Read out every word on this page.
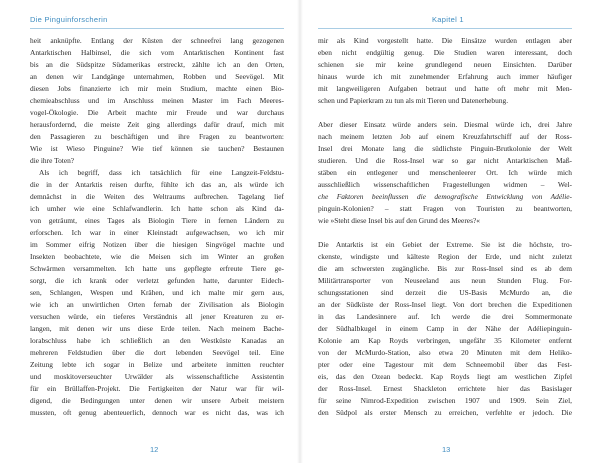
Die Pinguinforscherin
heit anknüpfte. Entlang der Küsten der schneefrei lang gezogenen
Antarktischen Halbinsel, die sich vom Antarktischen Kontinent fast
bis an die Südspitze Südamerikas erstreckt, zählte ich an den Orten,
an denen wir Landgänge unternahmen, Robben und Seevögel. Mit
diesen Jobs finanzierte ich mir mein Studium, machte einen Bio-
chemieabschluss und im Anschluss meinen Master im Fach Meeres-
vogel-Ökologie. Die Arbeit machte mir Freude und war durchaus
herausfordernd, die meiste Zeit ging allerdings dafür drauf, mich mit
den Passagieren zu beschäftigen und ihre Fragen zu beantworten:
Wie ist Wieso Pinguine? Wie tief können sie tauchen? Bestaunen
die ihre Toten?
Als ich begriff, dass ich tatsächlich für eine Langzeit-Feldstu-
die in der Antarktis reisen durfte, fühlte ich das an, als würde ich
demnächst in die Weiten des Weltraums aufbrechen. Tagelang lief
ich umher wie eine Schlafwandlerin. Ich hatte schon als Kind da-
von geträumt, eines Tages als Biologin Tiere in fernen Ländern zu
erforschen. Ich war in einer Kleinstadt aufgewachsen, wo ich mir
im Sommer eifrig Notizen über die hiesigen Singvögel machte und
Insekten beobachtete, wie die Meisen sich im Winter an großen
Schwärmen versammelten. Ich hatte uns gepflegte erfreute Tiere ge-
sorgt, die ich krank oder verletzt gefunden hatte, darunter Eidech-
sen, Schlangen, Wespen und Krähen, und ich malte mir gern aus,
wie ich an unwirtlichen Orten fernab der Zivilisation als Biologin
versuchen würde, ein tieferes Verständnis all jener Kreaturen zu er-
langen, mit denen wir uns diese Erde teilen. Nach meinem Bache-
lorabschluss habe ich schließlich an den Westküste Kanadas an
mehreren Feldstudien über die dort lebenden Seevögel teil. Eine
Zeitung lebte ich sogar in Belize und arbeitete inmitten reuchter
und moskitoverseuchter Urwälder als wissenschaftliche Assistentin
für ein Brüllaffen-Projekt. Die Fertigkeiten der Natur war für wil-
digend, die Bedingungen unter denen wir unsere Arbeit meistern
mussten, oft genug abenteuerlich, dennoch war es nicht das, was ich
12
Kapitel 1
mir als Kind vorgestellt hatte. Die Einsätze wurden entlagen aber
eben nicht endgültig genug. Die Studien waren interessant, doch
schienen sie mir keine grundlegend neuen Einsichten. Darüber
hinaus wurde ich mit zunehmender Erfahrung auch immer häufiger
mit langweiligeren Aufgaben betraut und hatte oft mehr mit Men-
schen und Papierkram zu tun als mit Tieren und Datenerhebung.
Aber dieser Einsatz würde anders sein. Diesmal würde ich, drei Jahre
nach meinem letzten Job auf einem Kreuzfahrtschiff auf der Ross-
Insel drei Monate lang die südlichste Pinguin-Brutkolonie der Welt
studieren. Und die Ross-Insel war so gar nicht Antarktischen Maß-
stäben ein entlegener und menschenleerer Ort. Ich würde mich
ausschließlich wissenschaftlichen Fragestellungen widmen – Wel-
che Faktoren beeinflussen die demografische Entwicklung von Adélie-
pinguin-Kolonien? – statt Fragen von Touristen zu beantworten,
wie »Steht diese Insel bis auf den Grund des Meeres?«
Die Antarktis ist ein Gebiet der Extreme. Sie ist die höchste, tro-
ckenste, windigste und kälteste Region der Erde, und nicht zuletzt
die am schwersten zugängliche. Bis zur Ross-Insel sind es ab dem
Militärtransporter von Neuseeland aus neun Stunden Flug. For-
schungsstationen sind derzeit die US-Basis McMurdo an, die
an der Südküste der Ross-Insel liegt. Von dort brechen die Expeditionen
in das Landesinnere auf. Ich werde die drei Sommermonate
der Südhalbkugel in einem Camp in der Nähe der Adéliepinguin-
Kolonie am Kap Royds verbringen, ungefähr 35 Kilometer entfernt
von der McMurdo-Station, also etwa 20 Minuten mit dem Heliko-
pter oder eine Tagestour mit dem Schneemobil über das Fest-
eis, das den Ozean bedeckt. Kap Royds liegt am westlichen Zipfel
der Ross-Insel. Ernest Shackleton errichtete hier das Basislager
für seine Nimrod-Expedition zwischen 1907 und 1909. Sein Ziel,
den Südpol als erster Mensch zu erreichen, verfehlte er jedoch. Die
13
